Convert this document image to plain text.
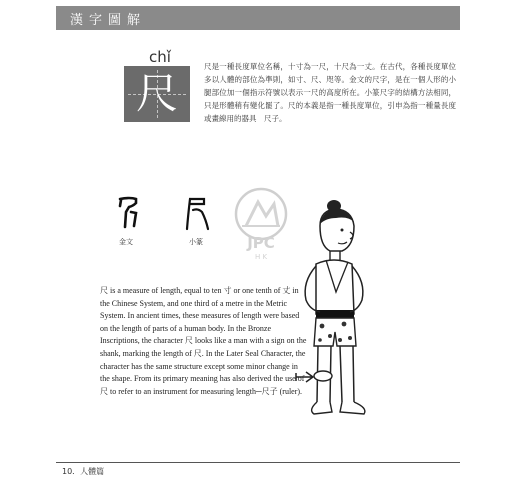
漢字圖解
chǐ
尺

尺是一種長度單位名稱，十寸為一尺，十尺為一丈。在古代，各種長度單位多以人體的部位為準則，如寸、尺、咫等。金文的尺字，是在一個人形的小腿部位加一個指示符號以表示一尺的高度所在。小篆尺字的結構方法相同，只是形體稍有變化罷了。尺的本義是指一種長度單位，引申為指一種量長度或畫線用的器具　尺子。

金文	小篆	JPC
H K

尺 is a measure of length, equal to ten 寸 or one tenth of 丈 in the Chinese System, and one third of a metre in the Metric System. In ancient times, these measures of length were based on the length of parts of a human body. In the Bronze Inscriptions, the character 尺 looks like a man with a sign on the shank, marking the length of 尺. In the Later Seal Character, the character has the same structure except some minor change in the shape. From its primary meaning has also derived the use of 尺 to refer to an instrument for measuring length─尺子 (ruler).

10．人體篇
